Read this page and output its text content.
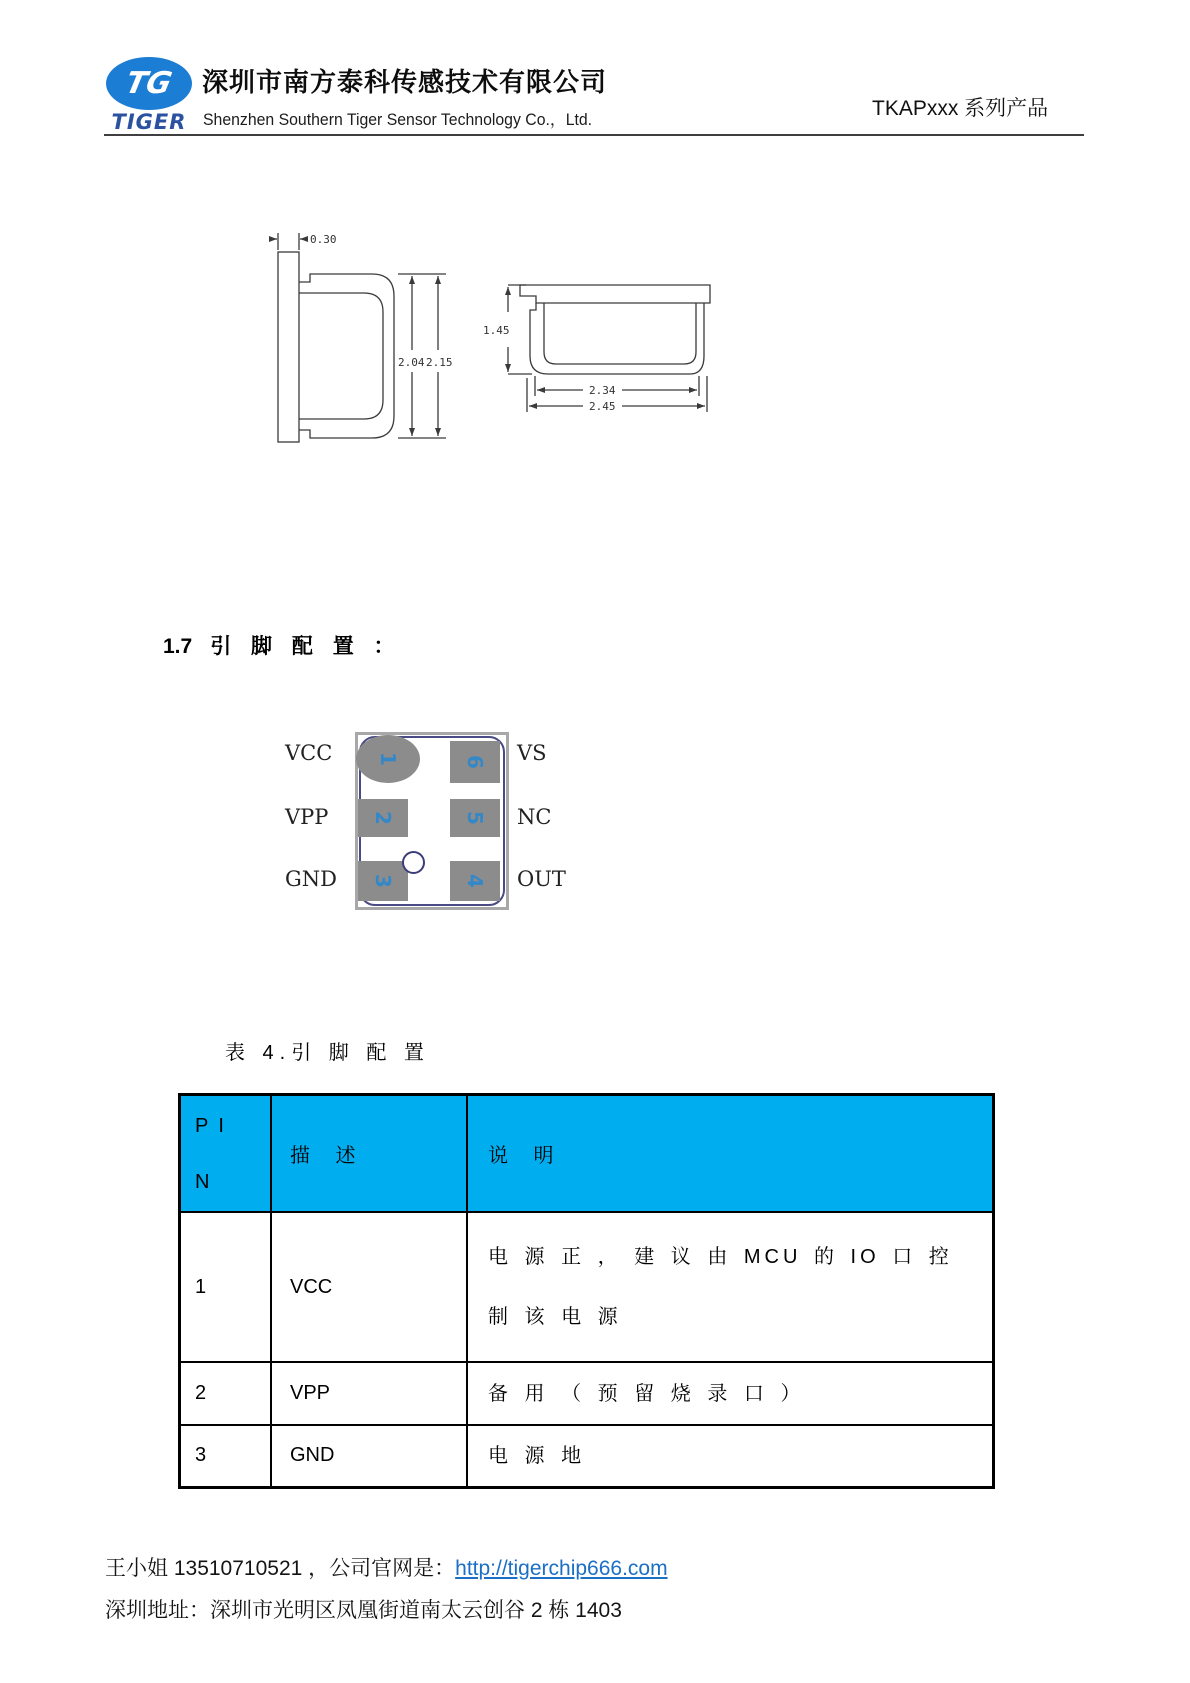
TG
TIGER
深圳市南方泰科传感技术有限公司
Shenzhen Southern Tiger Sensor Technology Co.，Ltd.	TKAPxxx 系列产品
0.30
2.04 2.15
1.45
2.34
2.45
1.7 引 脚 配 置 ：
VCC
VPP
GND
1
2
3
6
5
4
VS
NC
OUT
表 4.引 脚 配 置
PIN	描 述	说 明
1	VCC	电 源 正 ， 建 议 由 MCU 的 IO 口 控
制 该 电 源

2	VPP	备 用 （ 预 留 烧 录 口 ）

3	GND	电 源 地
王小姐 13510710521 ，公司官网是：http://tigerchip666.com
深圳地址：深圳市光明区凤凰街道南太云创谷 2 栋 1403
